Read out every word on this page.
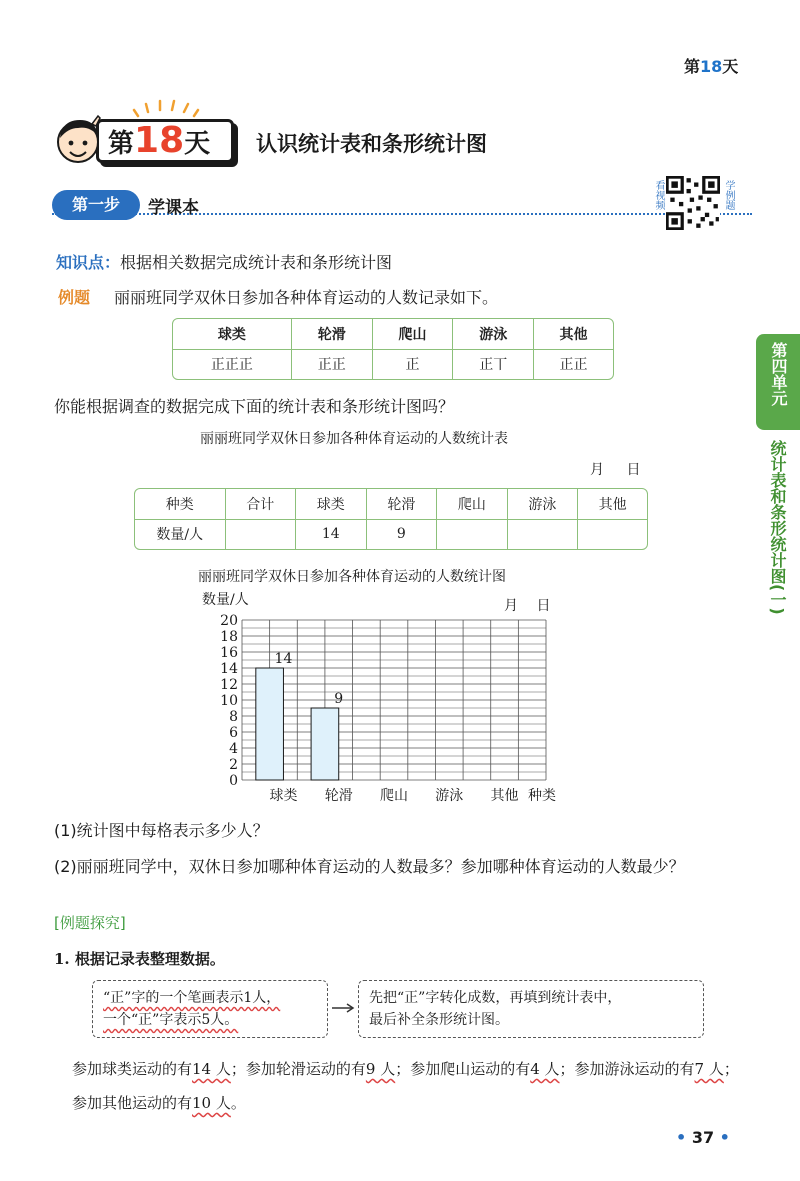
第18天
第18天 认识统计表和条形统计图
第一步	学课本	看视频	学例题
知识点：根据相关数据完成统计表和条形统计图
例题 丽丽班同学双休日参加各种体育运动的人数记录如下。
球类	轮滑	爬山	游泳	其他
正正正	正正	正	正丅	正正
你能根据调查的数据完成下面的统计表和条形统计图吗？
丽丽班同学双休日参加各种体育运动的人数统计表
月 日
种类	合计	球类	轮滑	爬山	游泳	其他
数量/人		14	9			
丽丽班同学双休日参加各种体育运动的人数统计图
数量/人	月 日
种类
0
2
4
6
8
10
12
14
16
18
20
14
9
球类 轮滑 爬山 游泳 其他
(1)统计图中每格表示多少人？
(2)丽丽班同学中，双休日参加哪种体育运动的人数最多？参加哪种体育运动的人数最少？
[例题探究]
1. 根据记录表整理数据。
“正”字的一个笔画表示1人，
一个“正”字表示5人。
先把“正”字转化成数，再填到统计表中，
最后补全条形统计图。
参加球类运动的有14 人；参加轮滑运动的有9 人；参加爬山运动的有4 人；参加游泳运动的有7 人；参加其他运动的有10 人。
第四单元
统计表和条形统计图(一)
• 37 •
